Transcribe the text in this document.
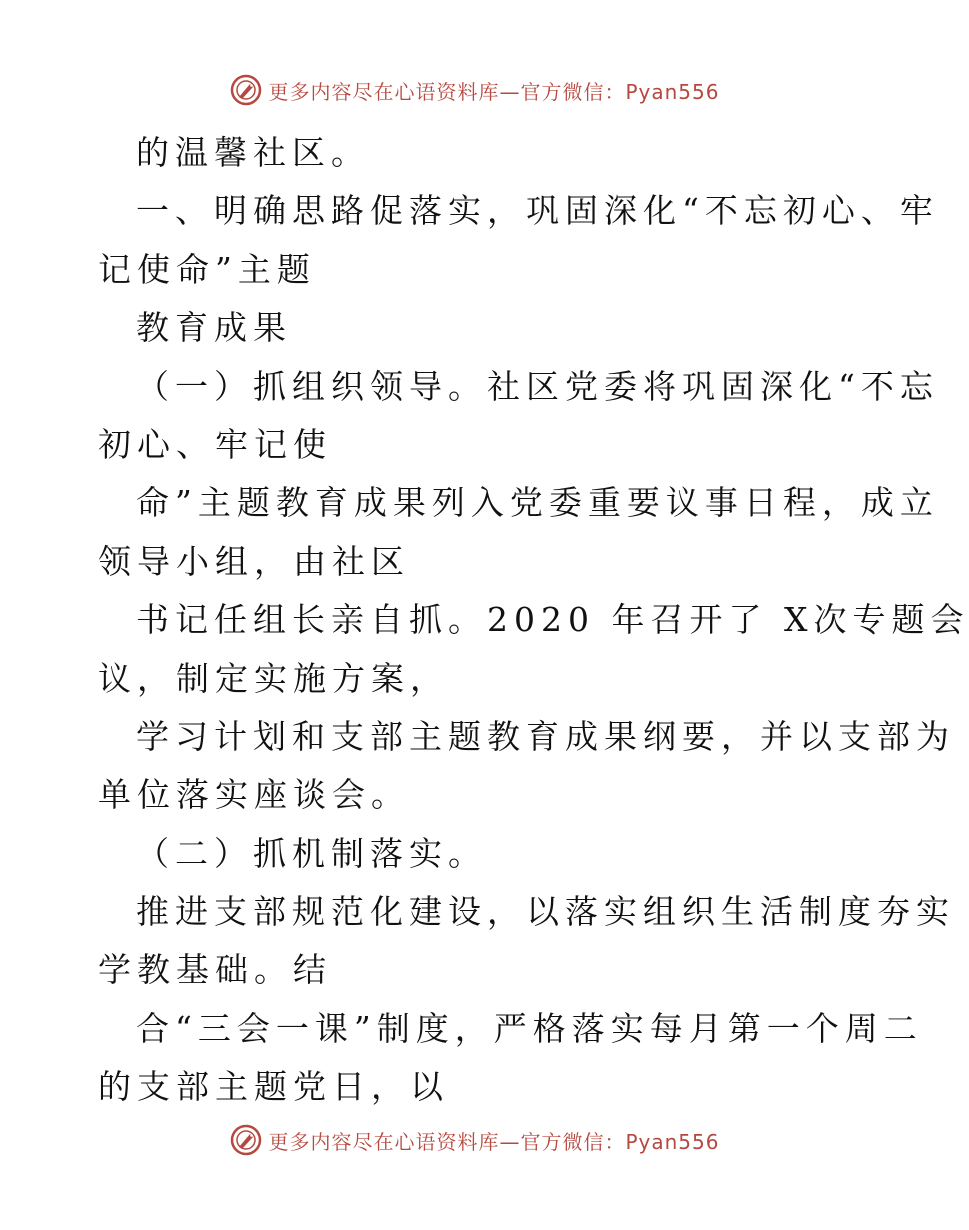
更多内容尽在心语资料库—官方微信：Pyan556
的温馨社区。
一、明确思路促落实，巩固深化“不忘初心、牢
记使命”主题
教育成果
（一）抓组织领导。社区党委将巩固深化“不忘
初心、牢记使
命”主题教育成果列入党委重要议事日程，成立
领导小组，由社区
书记任组长亲自抓。2020 年召开了 X次专题会
议，制定实施方案，
学习计划和支部主题教育成果纲要，并以支部为
单位落实座谈会。
（二）抓机制落实。
推进支部规范化建设，以落实组织生活制度夯实
学教基础。结
合“三会一课”制度，严格落实每月第一个周二
的支部主题党日，以
更多内容尽在心语资料库—官方微信：Pyan556
